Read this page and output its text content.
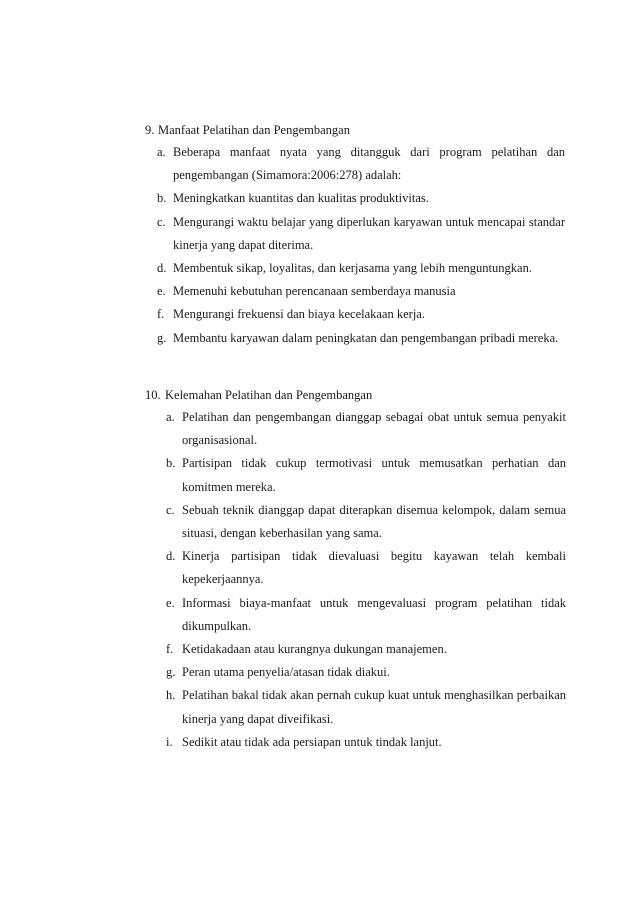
9. Manfaat Pelatihan dan Pengembangan
a. Beberapa manfaat nyata yang ditangguk dari program pelatihan dan pengembangan (Simamora:2006:278) adalah:
b. Meningkatkan kuantitas dan kualitas produktivitas.
c. Mengurangi waktu belajar yang diperlukan karyawan untuk mencapai standar kinerja yang dapat diterima.
d. Membentuk sikap, loyalitas, dan kerjasama yang lebih menguntungkan.
e. Memenuhi kebutuhan perencanaan semberdaya manusia
f. Mengurangi frekuensi dan biaya kecelakaan kerja.
g. Membantu karyawan dalam peningkatan dan pengembangan pribadi mereka.
10. Kelemahan Pelatihan dan Pengembangan
a. Pelatihan dan pengembangan dianggap sebagai obat untuk semua penyakit organisasional.
b. Partisipan tidak cukup termotivasi untuk memusatkan perhatian dan komitmen mereka.
c. Sebuah teknik dianggap dapat diterapkan disemua kelompok, dalam semua situasi, dengan keberhasilan yang sama.
d. Kinerja partisipan tidak dievaluasi begitu kayawan telah kembali kepekerjaannya.
e. Informasi biaya-manfaat untuk mengevaluasi program pelatihan tidak dikumpulkan.
f. Ketidakadaan atau kurangnya dukungan manajemen.
g. Peran utama penyelia/atasan tidak diakui.
h. Pelatihan bakal tidak akan pernah cukup kuat untuk menghasilkan perbaikan kinerja yang dapat diveifikasi.
i. Sedikit atau tidak ada persiapan untuk tindak lanjut.
